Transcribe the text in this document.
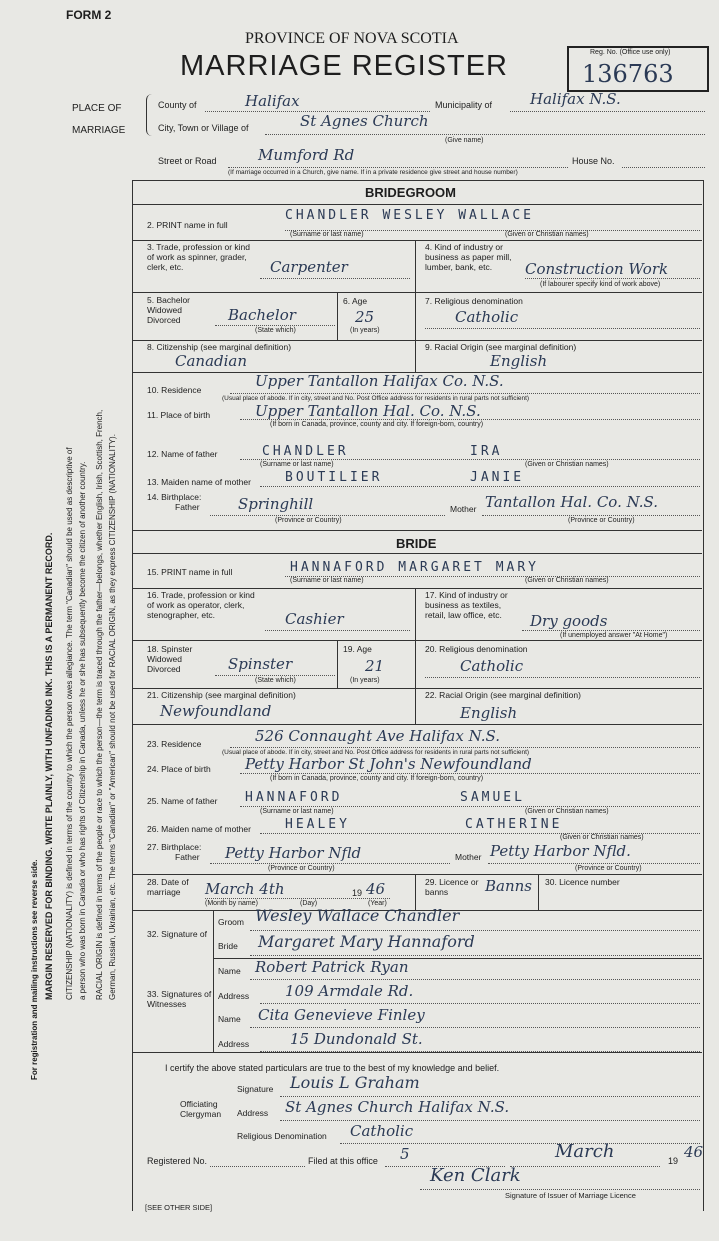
For registration and mailing instructions see reverse side. MARGIN RESERVED FOR BINDING. WRITE PLAINLY, WITH UNFADING INK. THIS IS A PERMANENT RECORD. CITIZENSHIP (NATIONALITY) is defined in terms of the country to which the person owes allegiance. The term "Canadian" should be used as descriptive of a person who was born in Canada or who has rights of Citizenship in Canada, unless he or she has subsequently become the citizen of another country. RACIAL ORIGIN is defined in terms of the people or race to which the person—the term is traced through the father—belongs, whether English, Irish, Scottish, French, German, Russian, Ukrainian, etc. The terms "Canadian" or "American" should not be used for RACIAL ORIGIN, as they express CITIZENSHIP (NATIONALITY).
FORM 2
PROVINCE OF NOVA SCOTIA
MARRIAGE REGISTER	Reg. No. (Office use only)
136763
PLACE OF
MARRIAGE
County of	Halifax	Municipality of	Halifax N.S.
City, Town or Village of	St Agnes Church
(Give name)
Street or Road	Mumford Rd	House No.
(If marriage occurred in a Church, give name. If in a private residence give street and house number)
BRIDEGROOM
2. PRINT name in full
CHANDLER WESLEY WALLACE
(Surname or last name)	(Given or Christian names)
3. Trade, profession or kind of work as spinner, grader, clerk, etc.	Carpenter
4. Kind of industry or business as paper mill, lumber, bank, etc.	Construction Work
(If labourer specify kind of work above)
5. Bachelor Widowed Divorced	Bachelor
(State which)
6. Age
25
(In years)
7. Religious denomination
Catholic
8. Citizenship (see marginal definition)
Canadian
9. Racial Origin (see marginal definition)
English
10. Residence	Upper Tantallon Halifax Co. N.S.
(Usual place of abode. If in city, street and No. Post Office address for residents in rural parts not sufficient)
11. Place of birth	Upper Tantallon Hal. Co. N.S.
(If born in Canada, province, county and city. If foreign-born, country)
12. Name of father	CHANDLER	IRA
(Surname or last name)	(Given or Christian names)
13. Maiden name of mother	BOUTILIER	JANIE
14. Birthplace:
Father	Springhill	Mother Tantallon Hal. Co. N.S.
(Province or Country)	(Province or Country)
BRIDE
15. PRINT name in full	HANNAFORD MARGARET MARY
(Surname or last name)	(Given or Christian names)
16. Trade, profession or kind of work as operator, clerk, stenographer, etc.	Cashier
17. Kind of industry or business as textiles, retail, law office, etc.	Dry goods
(If unemployed answer "At Home")
18. Spinster Widowed Divorced	Spinster
(State which)
19. Age
21
(In years)
20. Religious denomination
Catholic
21. Citizenship (see marginal definition)
Newfoundland
22. Racial Origin (see marginal definition)
English
23. Residence	526 Connaught Ave Halifax N.S.
(Usual place of abode. If in city, street and No. Post Office address for residents in rural parts not sufficient)
24. Place of birth Petty Harbor St John's Newfoundland
(If born in Canada, province, county and city. If foreign-born, country)
25. Name of father HANNAFORD	SAMUEL
(Surname or last name)	(Given or Christian names)
26. Maiden name of mother	HEALEY	CATHERINE
(Given or Christian names)
27. Birthplace:
Father Petty Harbor Nfld	Mother Petty Harbor Nfld.
(Province or Country)	(Province or Country)
28. Date of marriage	March 4th	19 46
(Month by name)	(Day)	(Year)
29. Licence or banns	Banns 30. Licence number
32. Signature of
Groom Wesley Wallace Chandler
Bride Margaret Mary Hannaford
33. Signatures of Witnesses
Name Robert Patrick Ryan
Address 109 Armdale Rd.
Name Cita Genevieve Finley
Address	15 Dundonald St.
I certify the above stated particulars are true to the best of my knowledge and belief.
Officiating Clergyman
Signature Louis L Graham
Address St Agnes Church Halifax N.S.
Religious Denomination Catholic
Registered No.	Filed at this office 5	March	19 46
Ken Clark
Signature of Issuer of Marriage Licence
[SEE OTHER SIDE]
